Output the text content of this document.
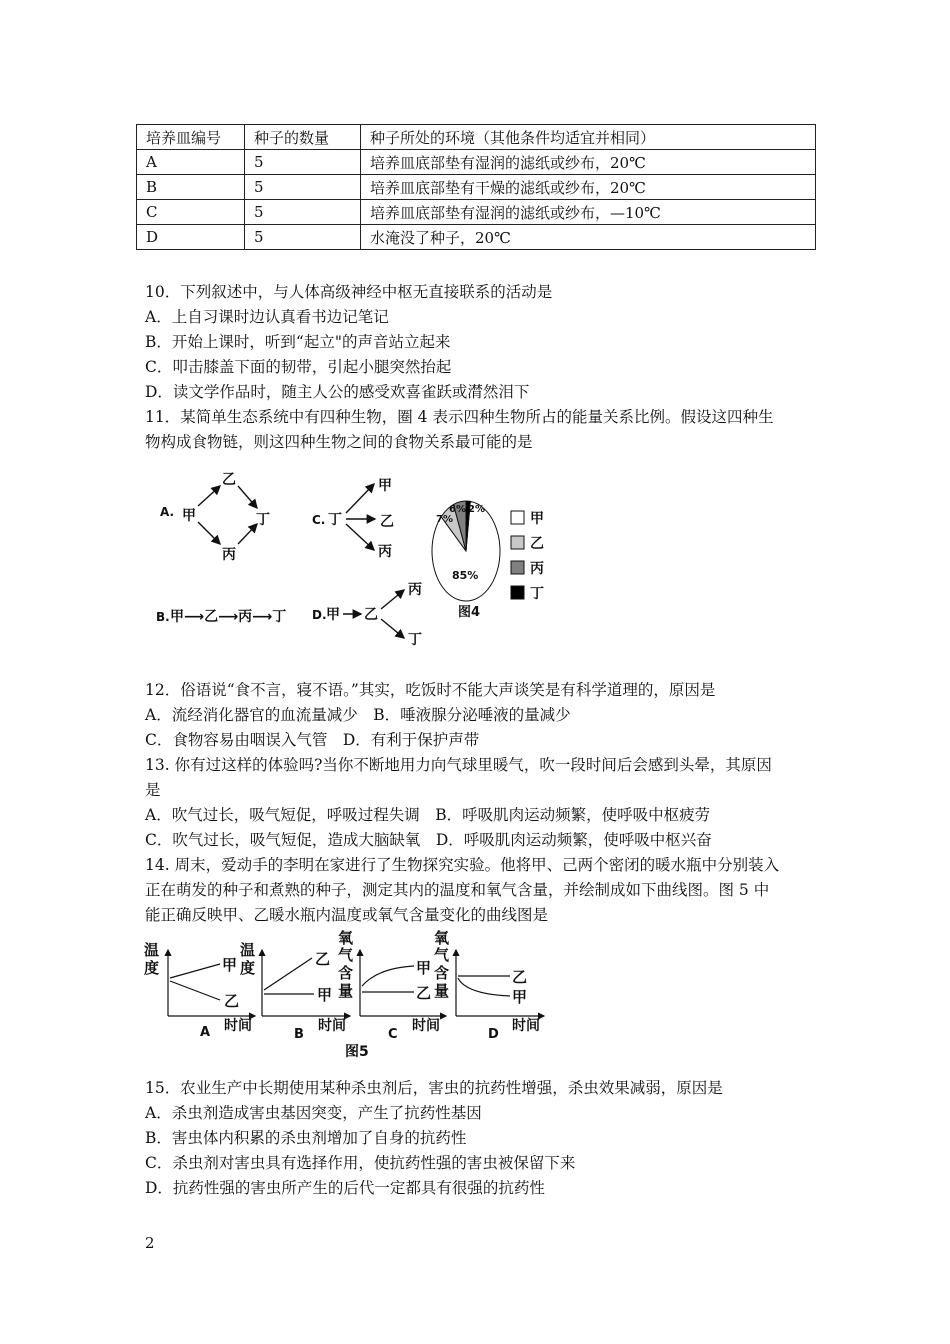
培养皿编号	种子的数量	种子所处的环境（其他条件均适宜并相同）
A	5	培养皿底部垫有湿润的滤纸或纱布，20℃
B	5	培养皿底部垫有干燥的滤纸或纱布，20℃
C	5	培养皿底部垫有湿润的滤纸或纱布，—10℃
D	5	水淹没了种子，20℃
10．下列叙述中，与人体高级神经中枢无直接联系的活动是
A．上自习课时边认真看书边记笔记
B．开始上课时，听到“起立"的声音站立起来
C．叩击膝盖下面的韧带，引起小腿突然抬起
D．读文学作品时，随主人公的感受欢喜雀跃或潸然泪下
11．某简单生态系统中有四种生物，圈 4 表示四种生物所占的能量关系比例。假设这四种生
物构成食物链，则这四种生物之间的食物关系最可能的是
A. 甲
乙
丁
丙
C. 丁
甲
乙
丙
B. 甲⟶乙⟶丙⟶丁 D. 甲 乙
丙
丁
7%
6% 2%
85%
图4
甲
乙
丙
丁
12．俗语说“食不言，寝不语。”其实，吃饭时不能大声谈笑是有科学道理的，原因是
A．流经消化器官的血流量减少　B．唾液腺分泌唾液的量减少
C．食物容易由咽误入气管　D．有利于保护声带
13. 你有过这样的体验吗?当你不断地用力向气球里暖气，吹一段时间后会感到头晕，其原因
是
A．吹气过长，吸气短促，呼吸过程失调　B．呼吸肌肉运动频繁，使呼吸中枢疲劳
C．吹气过长，吸气短促，造成大脑缺氧　D．呼吸肌肉运动频繁，使呼吸中枢兴奋
14. 周末，爱动手的李明在家进行了生物探究实验。他将甲、己两个密闭的暖水瓶中分别装入
正在萌发的种子和煮熟的种子，测定其内的温度和氧气含量，并绘制成如下曲线图。图 5 中
能正确反映甲、乙暖水瓶内温度或氧气含量变化的曲线图是
温
度	甲
乙
A 时间
温
度	乙
甲
B
时间
氧
气
含
量
甲
乙
C
时间
氧
气
含
量
乙
甲
D
时间
图5
15．农业生产中长期使用某种杀虫剂后，害虫的抗药性增强，杀虫效果减弱，原因是
A．杀虫剂造成害虫基因突变，产生了抗药性基因
B．害虫体内积累的杀虫剂增加了自身的抗药性
C．杀虫剂对害虫具有选择作用，使抗药性强的害虫被保留下来
D．抗药性强的害虫所产生的后代一定都具有很强的抗药性
2
